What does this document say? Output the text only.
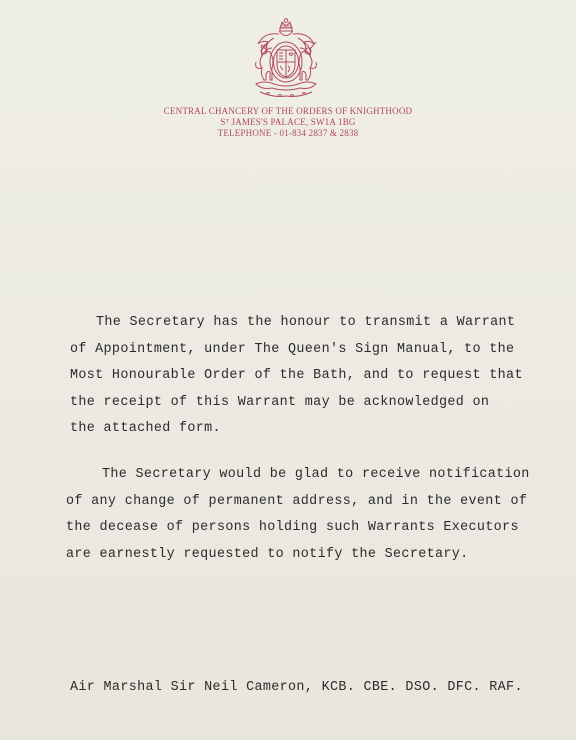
CENTRAL CHANCERY OF THE ORDERS OF KNIGHTHOOD
Sᵀ JAMES'S PALACE, SW1A 1BG
TELEPHONE - 01-834 2837 & 2838
The Secretary has the honour to transmit a Warrant
of Appointment, under The Queen's Sign Manual, to the
Most Honourable Order of the Bath, and to request that
the receipt of this Warrant may be acknowledged on
the attached form.
The Secretary would be glad to receive notification
of any change of permanent address, and in the event of
the decease of persons holding such Warrants Executors
are earnestly requested to notify the Secretary.
Air Marshal Sir Neil Cameron, KCB. CBE. DSO. DFC. RAF.
